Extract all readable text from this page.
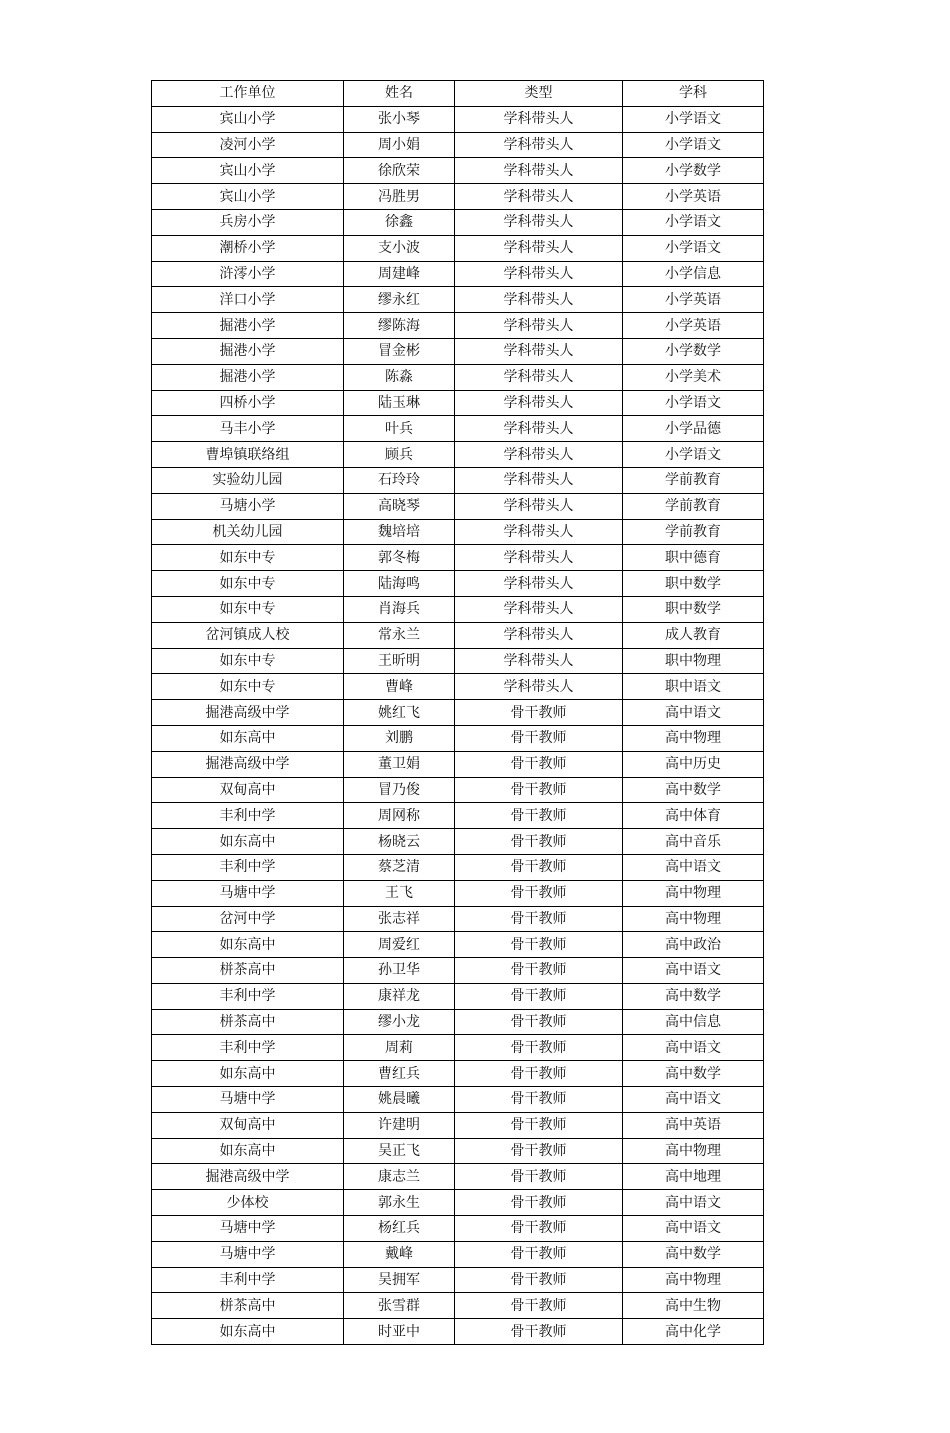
工作单位	姓名	类型	学科
宾山小学	张小琴	学科带头人	小学语文
凌河小学	周小娟	学科带头人	小学语文
宾山小学	徐欣荣	学科带头人	小学数学
宾山小学	冯胜男	学科带头人	小学英语
兵房小学	徐鑫	学科带头人	小学语文
潮桥小学	支小波	学科带头人	小学语文
浒澪小学	周建峰	学科带头人	小学信息
洋口小学	缪永红	学科带头人	小学英语
掘港小学	缪陈海	学科带头人	小学英语
掘港小学	冒金彬	学科带头人	小学数学
掘港小学	陈淼	学科带头人	小学美术
四桥小学	陆玉琳	学科带头人	小学语文
马丰小学	叶兵	学科带头人	小学品德
曹埠镇联络组	顾兵	学科带头人	小学语文
实验幼儿园	石玲玲	学科带头人	学前教育
马塘小学	高晓琴	学科带头人	学前教育
机关幼儿园	魏培培	学科带头人	学前教育
如东中专	郭冬梅	学科带头人	职中德育
如东中专	陆海鸣	学科带头人	职中数学
如东中专	肖海兵	学科带头人	职中数学
岔河镇成人校	常永兰	学科带头人	成人教育
如东中专	王昕明	学科带头人	职中物理
如东中专	曹峰	学科带头人	职中语文
掘港高级中学	姚红飞	骨干教师	高中语文
如东高中	刘鹏	骨干教师	高中物理
掘港高级中学	董卫娟	骨干教师	高中历史
双甸高中	冒乃俊	骨干教师	高中数学
丰利中学	周网称	骨干教师	高中体育
如东高中	杨晓云	骨干教师	高中音乐
丰利中学	蔡芝清	骨干教师	高中语文
马塘中学	王飞	骨干教师	高中物理
岔河中学	张志祥	骨干教师	高中物理
如东高中	周爱红	骨干教师	高中政治
栟茶高中	孙卫华	骨干教师	高中语文
丰利中学	康祥龙	骨干教师	高中数学
栟茶高中	缪小龙	骨干教师	高中信息
丰利中学	周莉	骨干教师	高中语文
如东高中	曹红兵	骨干教师	高中数学
马塘中学	姚晨曦	骨干教师	高中语文
双甸高中	许建明	骨干教师	高中英语
如东高中	吴正飞	骨干教师	高中物理
掘港高级中学	康志兰	骨干教师	高中地理
少体校	郭永生	骨干教师	高中语文
马塘中学	杨红兵	骨干教师	高中语文
马塘中学	戴峰	骨干教师	高中数学
丰利中学	吴拥军	骨干教师	高中物理
栟茶高中	张雪群	骨干教师	高中生物
如东高中	时亚中	骨干教师	高中化学
